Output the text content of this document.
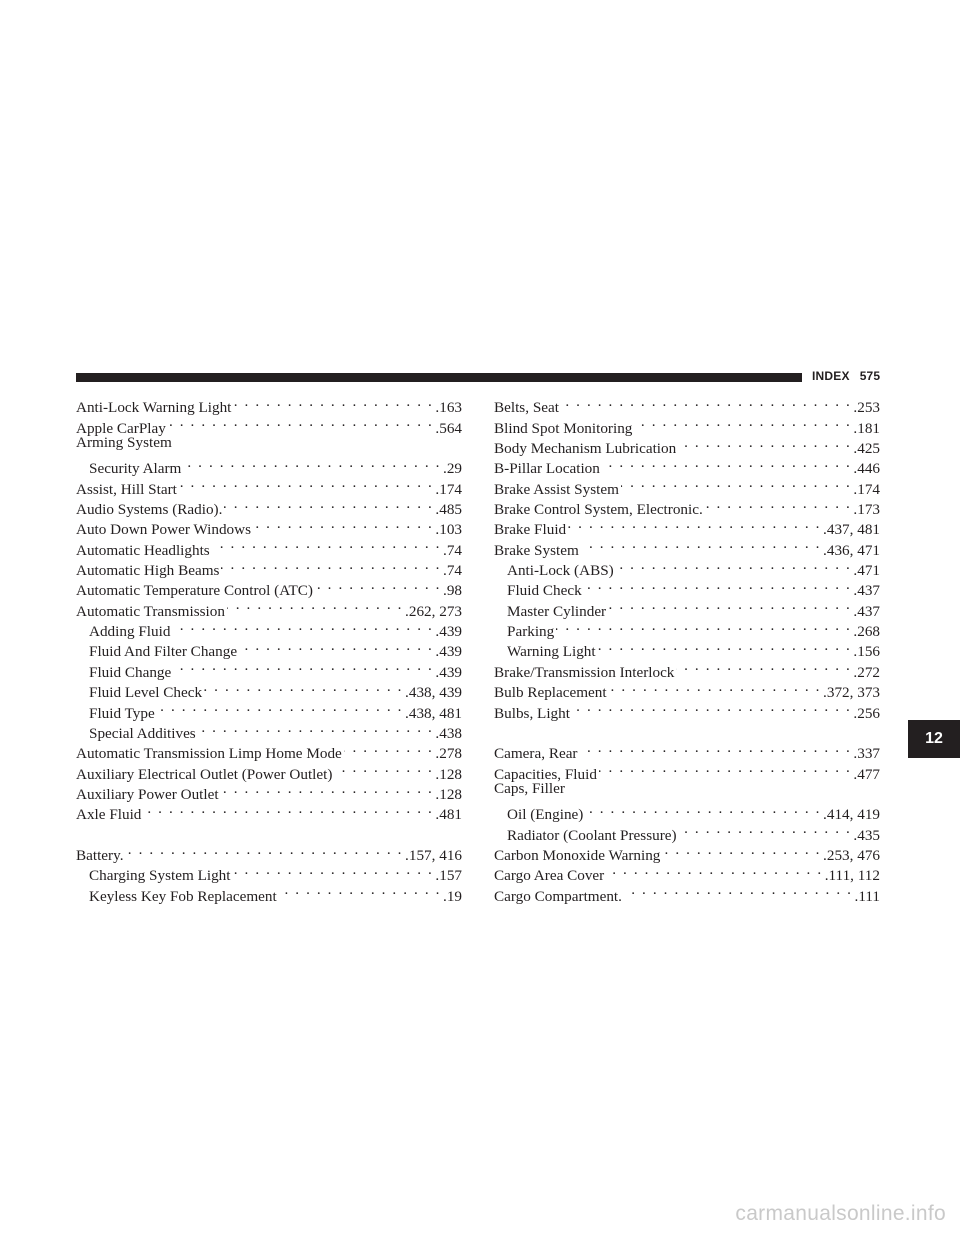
INDEX 575
Anti-Lock Warning Light . . .	.163
Apple CarPlay . . .	.564
Arming System
Security Alarm . . .	.29
Assist, Hill Start . . .	.174
Audio Systems (Radio). . . .	.485
Auto Down Power Windows . . .	.103
Automatic Headlights . . .	.74
Automatic High Beams . . .	.74
Automatic Temperature Control (ATC) . . .	.98
Automatic Transmission . . .	.262, 273
Adding Fluid . . .	.439
Fluid And Filter Change . . .	.439
Fluid Change . . .	.439
Fluid Level Check . . .	.438, 439
Fluid Type . . .	.438, 481
Special Additives . . .	.438
Automatic Transmission Limp Home Mode . . .	.278
Auxiliary Electrical Outlet (Power Outlet) . . .	.128
Auxiliary Power Outlet . . .	.128
Axle Fluid . . .	.481
Battery. . . .	.157, 416
Charging System Light . . .	.157
Keyless Key Fob Replacement . . .	.19
Belts, Seat . . .	.253
Blind Spot Monitoring . . .	.181
Body Mechanism Lubrication . . .	.425
B-Pillar Location . . .	.446
Brake Assist System . . .	.174
Brake Control System, Electronic. . . .	.173
Brake Fluid . . .	.437, 481
Brake System . . .	.436, 471
Anti-Lock (ABS) . . .	.471
Fluid Check . . .	.437
Master Cylinder . . .	.437
Parking . . .	.268
Warning Light . . .	.156
Brake/Transmission Interlock . . .	.272
Bulb Replacement . . .	.372, 373
Bulbs, Light . . .	.256
Camera, Rear . . .	.337
Capacities, Fluid . . .	.477
Caps, Filler
Oil (Engine) . . .	.414, 419
Radiator (Coolant Pressure) . . .	.435
Carbon Monoxide Warning . . .	.253, 476
Cargo Area Cover . . .	.111, 112
Cargo Compartment. . . .	.111
12
carmanualsonline.info
